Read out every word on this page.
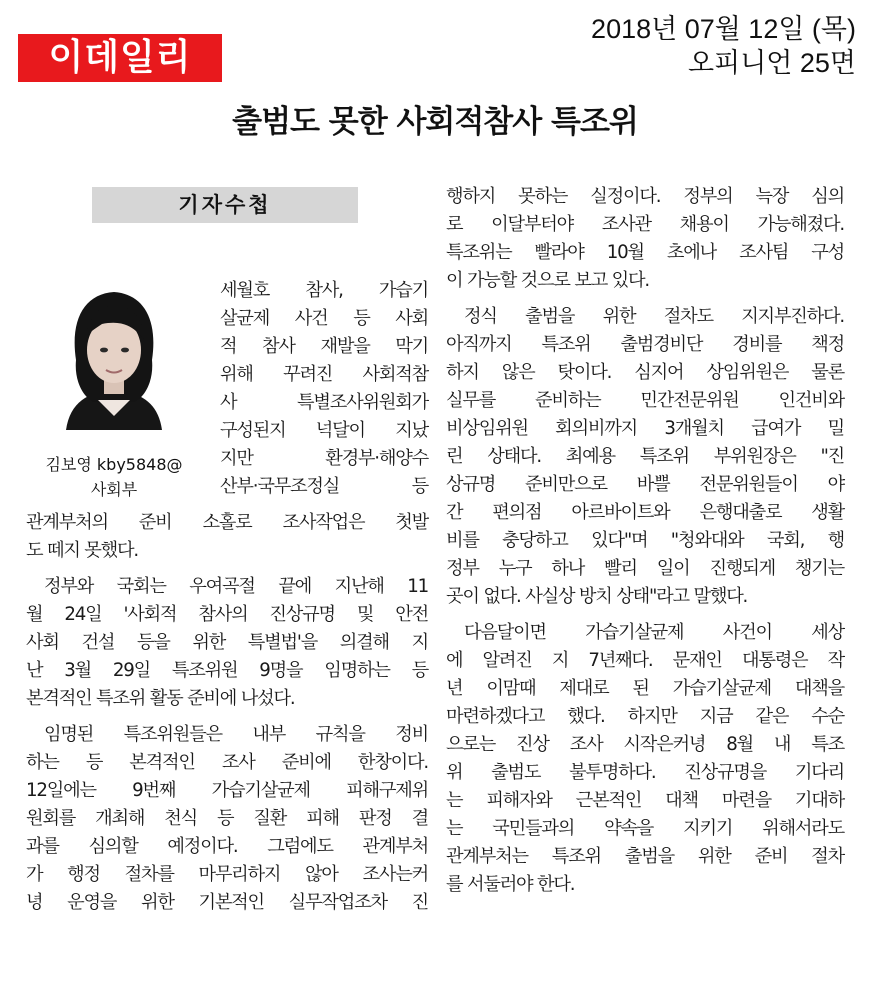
이데일리
2018년 07월 12일 (목)
오피니언 25면
출범도 못한 사회적참사 특조위
기자수첩
김보영 kby5848@
사회부
세월호 참사, 가습기
살균제 사건 등 사회
적 참사 재발을 막기
위해 꾸려진 사회적참
사 특별조사위원회가
구성된지 넉달이 지났
지만 환경부·해양수
산부·국무조정실 등
관계부처의 준비 소홀로 조사작업은 첫발
도 떼지 못했다.
정부와 국회는 우여곡절 끝에 지난해 11
월 24일 '사회적 참사의 진상규명 및 안전
사회 건설 등을 위한 특별법'을 의결해 지
난 3월 29일 특조위원 9명을 임명하는 등
본격적인 특조위 활동 준비에 나섰다.
임명된 특조위원들은 내부 규칙을 정비
하는 등 본격적인 조사 준비에 한창이다.
12일에는 9번째 가습기살균제 피해구제위
원회를 개최해 천식 등 질환 피해 판정 결
과를 심의할 예정이다. 그럼에도 관계부처
가 행정 절차를 마무리하지 않아 조사는커
녕 운영을 위한 기본적인 실무작업조차 진
행하지 못하는 실정이다. 정부의 늑장 심의
로 이달부터야 조사관 채용이 가능해졌다.
특조위는 빨라야 10월 초에나 조사팀 구성
이 가능할 것으로 보고 있다.
정식 출범을 위한 절차도 지지부진하다.
아직까지 특조위 출범경비단 경비를 책정
하지 않은 탓이다. 심지어 상임위원은 물론
실무를 준비하는 민간전문위원 인건비와
비상임위원 회의비까지 3개월치 급여가 밀
린 상태다. 최예용 특조위 부위원장은 "진
상규명 준비만으로 바쁠 전문위원들이 야
간 편의점 아르바이트와 은행대출로 생활
비를 충당하고 있다"며 "청와대와 국회, 행
정부 누구 하나 빨리 일이 진행되게 챙기는
곳이 없다. 사실상 방치 상태"라고 말했다.
다음달이면 가습기살균제 사건이 세상
에 알려진 지 7년째다. 문재인 대통령은 작
년 이맘때 제대로 된 가습기살균제 대책을
마련하겠다고 했다. 하지만 지금 같은 수순
으로는 진상 조사 시작은커녕 8월 내 특조
위 출범도 불투명하다. 진상규명을 기다리
는 피해자와 근본적인 대책 마련을 기대하
는 국민들과의 약속을 지키기 위해서라도
관계부처는 특조위 출범을 위한 준비 절차
를 서둘러야 한다.
